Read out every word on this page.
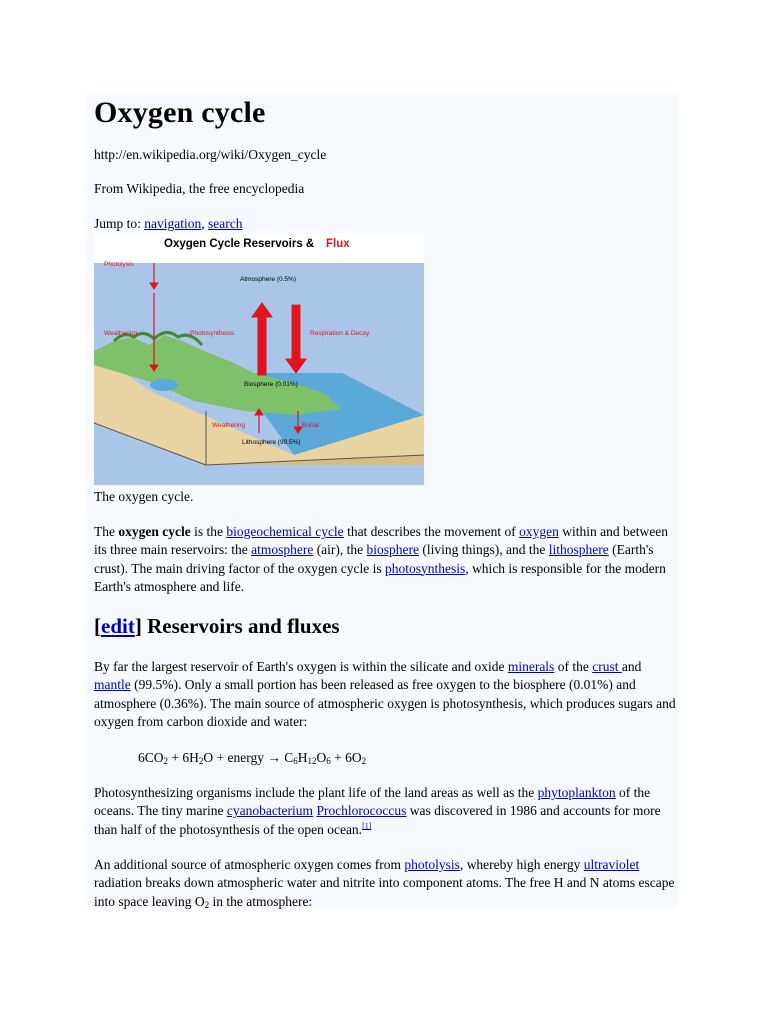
Oxygen cycle
http://en.wikipedia.org/wiki/Oxygen_cycle
From Wikipedia, the free encyclopedia
Jump to: navigation, search
Oxygen Cycle Reservoirs & Flux
Photolysis
Atmosphere (0.5%)
Weathering	Photosynthesis	Respiration & Decay
Biosphere (0.01%)
Weathering	Burial
Lithosphere (99.5%)
The oxygen cycle.

The oxygen cycle is the biogeochemical cycle that describes the movement of oxygen within and between its three main reservoirs: the atmosphere (air), the biosphere (living things), and the lithosphere (Earth's crust). The main driving factor of the oxygen cycle is photosynthesis, which is responsible for the modern Earth's atmosphere and life.

[edit] Reservoirs and fluxes

By far the largest reservoir of Earth's oxygen is within the silicate and oxide minerals of the crust and mantle (99.5%). Only a small portion has been released as free oxygen to the biosphere (0.01%) and atmosphere (0.36%). The main source of atmospheric oxygen is photosynthesis, which produces sugars and oxygen from carbon dioxide and water:

$6CO_2 + 6H_2O$ + energy → $C_6H_{12}O_6 + 6O_2$

Photosynthesizing organisms include the plant life of the land areas as well as the phytoplankton of the oceans. The tiny marine cyanobacterium Prochlorococcus was discovered in 1986 and accounts for more than half of the photosynthesis of the open ocean.[1]

An additional source of atmospheric oxygen comes from photolysis, whereby high energy ultraviolet radiation breaks down atmospheric water and nitrite into component atoms. The free H and N atoms escape into space leaving $O_2$ in the atmosphere:
